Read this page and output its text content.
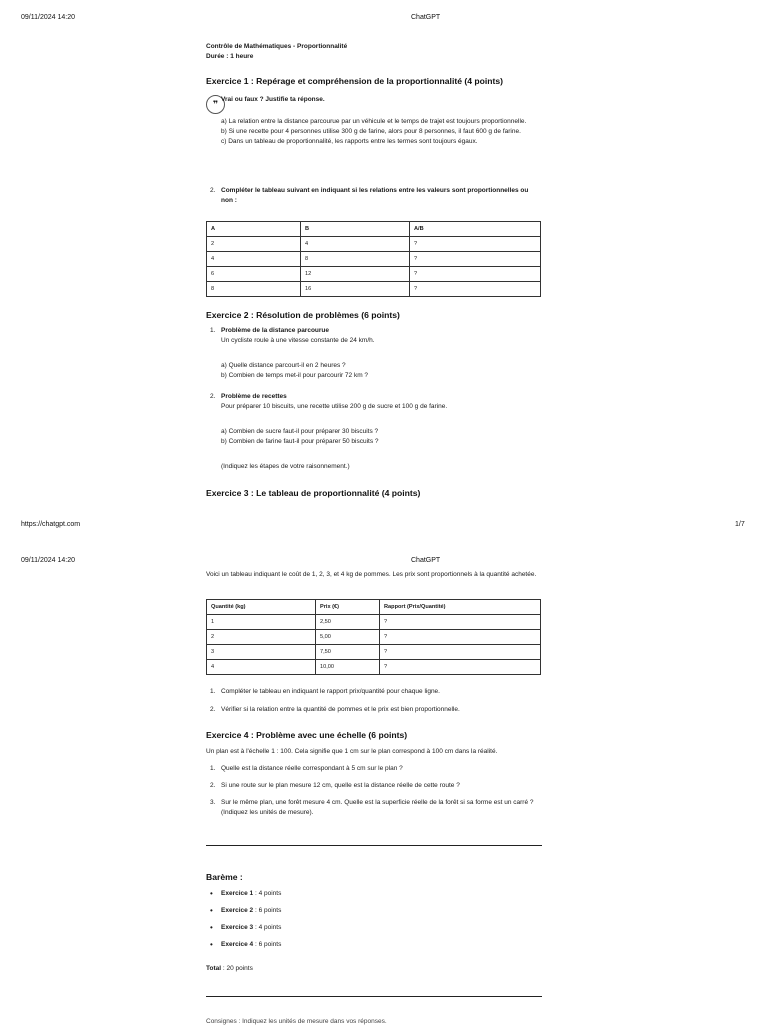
09/11/2024 14:20	ChatGPT

Contrôle de Mathématiques - Proportionnalité

Durée : 1 heure

Exercice 1 : Repérage et compréhension de la proportionnalité (4 points)

❞ Vrai ou faux ? Justifie ta réponse.

a) La relation entre la distance parcourue par un véhicule et le temps de trajet est toujours proportionnelle.

b) Si une recette pour 4 personnes utilise 300 g de farine, alors pour 8 personnes, il faut 600 g de farine.

c) Dans un tableau de proportionnalité, les rapports entre les termes sont toujours égaux.

2. Compléter le tableau suivant en indiquant si les relations entre les valeurs sont proportionnelles ou non :

A	B	A/B
2	4	?
4	8	?
6	12	?
8	16	?

Exercice 2 : Résolution de problèmes (6 points)

1. Problème de la distance parcourue

Un cycliste roule à une vitesse constante de 24 km/h.

a) Quelle distance parcourt-il en 2 heures ?

b) Combien de temps met-il pour parcourir 72 km ?

2. Problème de recettes

Pour préparer 10 biscuits, une recette utilise 200 g de sucre et 100 g de farine.

a) Combien de sucre faut-il pour préparer 30 biscuits ?

b) Combien de farine faut-il pour préparer 50 biscuits ?

(Indiquez les étapes de votre raisonnement.)

Exercice 3 : Le tableau de proportionnalité (4 points)

https://chatgpt.com	1/7
09/11/2024 14:20	ChatGPT

Voici un tableau indiquant le coût de 1, 2, 3, et 4 kg de pommes. Les prix sont proportionnels à la quantité achetée.

Quantité (kg)	Prix (€)	Rapport (Prix/Quantité)
1	2,50	?
2	5,00	?
3	7,50	?
4	10,00	?
1. Compléter le tableau en indiquant le rapport prix/quantité pour chaque ligne.

2. Vérifier si la relation entre la quantité de pommes et le prix est bien proportionnelle.

Exercice 4 : Problème avec une échelle (6 points)

Un plan est à l'échelle 1 : 100. Cela signifie que 1 cm sur le plan correspond à 100 cm dans la réalité.

1. Quelle est la distance réelle correspondant à 5 cm sur le plan ?

2. Si une route sur le plan mesure 12 cm, quelle est la distance réelle de cette route ?

3. Sur le même plan, une forêt mesure 4 cm. Quelle est la superficie réelle de la forêt si sa forme est un carré ? (Indiquez les unités de mesure).

Barème :

• Exercice 1 : 4 points
• Exercice 2 : 6 points
• Exercice 3 : 4 points
• Exercice 4 : 6 points

Total : 20 points

Consignes : Indiquez les unités de mesure dans vos réponses.
